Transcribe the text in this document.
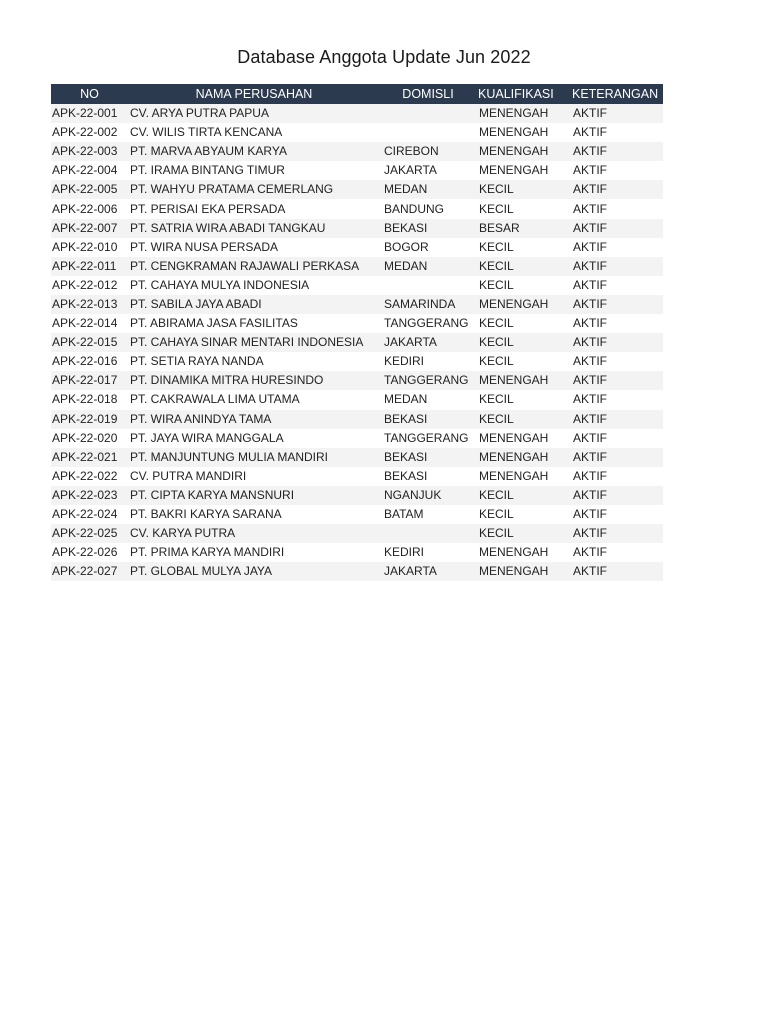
Database Anggota Update Jun 2022
NO	NAMA PERUSAHAN	DOMISLI	KUALIFIKASI	KETERANGAN
APK-22-001	CV. ARYA PUTRA PAPUA		MENENGAH	AKTIF
APK-22-002	CV. WILIS TIRTA KENCANA		MENENGAH	AKTIF
APK-22-003	PT. MARVA ABYAUM KARYA	CIREBON	MENENGAH	AKTIF
APK-22-004	PT. IRAMA BINTANG TIMUR	JAKARTA	MENENGAH	AKTIF
APK-22-005	PT. WAHYU PRATAMA CEMERLANG	MEDAN	KECIL	AKTIF
APK-22-006	PT. PERISAI EKA PERSADA	BANDUNG	KECIL	AKTIF
APK-22-007	PT. SATRIA WIRA ABADI TANGKAU	BEKASI	BESAR	AKTIF
APK-22-010	PT. WIRA NUSA PERSADA	BOGOR	KECIL	AKTIF
APK-22-011	PT. CENGKRAMAN RAJAWALI PERKASA	MEDAN	KECIL	AKTIF
APK-22-012	PT. CAHAYA MULYA INDONESIA		KECIL	AKTIF
APK-22-013	PT. SABILA JAYA ABADI	SAMARINDA	MENENGAH	AKTIF
APK-22-014	PT. ABIRAMA JASA FASILITAS	TANGGERANG	KECIL	AKTIF
APK-22-015	PT. CAHAYA SINAR MENTARI INDONESIA	JAKARTA	KECIL	AKTIF
APK-22-016	PT. SETIA RAYA NANDA	KEDIRI	KECIL	AKTIF
APK-22-017	PT. DINAMIKA MITRA HURESINDO	TANGGERANG	MENENGAH	AKTIF
APK-22-018	PT. CAKRAWALA LIMA UTAMA	MEDAN	KECIL	AKTIF
APK-22-019	PT. WIRA ANINDYA TAMA	BEKASI	KECIL	AKTIF
APK-22-020	PT. JAYA WIRA MANGGALA	TANGGERANG	MENENGAH	AKTIF
APK-22-021	PT. MANJUNTUNG MULIA MANDIRI	BEKASI	MENENGAH	AKTIF
APK-22-022	CV. PUTRA MANDIRI	BEKASI	MENENGAH	AKTIF
APK-22-023	PT. CIPTA KARYA MANSNURI	NGANJUK	KECIL	AKTIF
APK-22-024	PT. BAKRI KARYA SARANA	BATAM	KECIL	AKTIF
APK-22-025	CV. KARYA PUTRA		KECIL	AKTIF
APK-22-026	PT. PRIMA KARYA MANDIRI	KEDIRI	MENENGAH	AKTIF
APK-22-027	PT. GLOBAL MULYA JAYA	JAKARTA	MENENGAH	AKTIF
